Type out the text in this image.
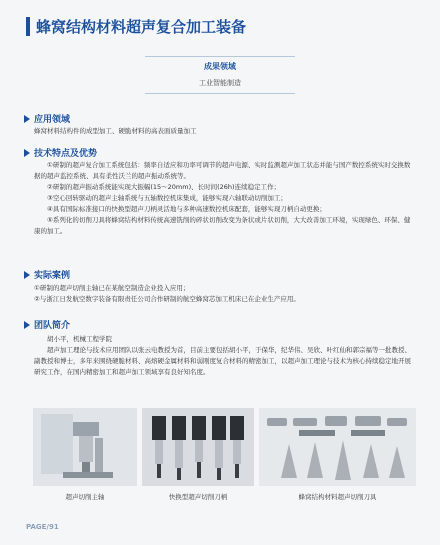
蜂窝结构材料超声复合加工装备
成果领域
工业智能制造
应用领域

蜂窝材料结构件的成型加工、硬脆材料的高表面质量加工

技术特点及优势

①研制的超声复合加工系统包括：频率自适应和功率可调节的超声电源、实时监测超声加工状态并能与国产数控系统实时交换数据的超声监控系统、具有柔性沃兰的超声振动系统等。

②研制的超声振动系统能实现大振幅(15～20mm)、长时间(26h)连续稳定工作；

③空心回转驱动的超声主轴系统与五轴数控机床集成，能够实现六轴联动切削加工；

④具有国际标准接口的快换型超声刀柄灵活地与多种高速数控机床配套，能够实现刀柄自动更换；

⑤系列化的切削刀具将蜂窝结构材料传统高速铣削的碎状切削改变为条状或片状切削，大大改善加工环境，实现绿色、环保、健康的加工。

实际案例

①研制的超声切削主轴已在某航空制造企业投入应用；

②与浙江日发航空数字装备有限责任公司合作研制的航空蜂窝芯加工机床已在企业生产应用。

团队简介

胡小平，机械工程学院

超声加工理论与技术应用团队以张云电教授为首，目前主要包括胡小平，于保华，纪华伟、吴欣、叶红仙和郭宗福等一批教授、副教授和博士，多年来围绕硬脆材料、高熔硬金属材料和弱刚度复合材料的精密加工，以超声加工理论与技术为核心持续稳定地开展研究工作，在国内精密加工和超声加工领域享有良好知名度。

超声切削主轴	快换型超声切削刀柄	蜂窝结构材料超声切削刀具
PAGE/91
